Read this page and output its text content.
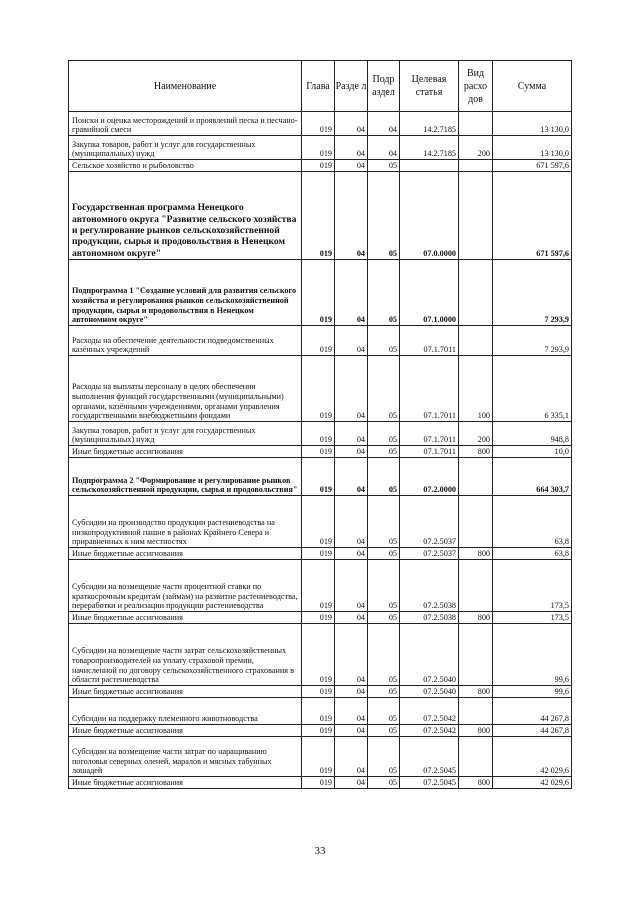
Наименование	Глава	Разде л	Подр аздел	Целевая статья	Вид расхо дов	Сумма
Поиски и оценка месторождений и проявлений песка и песчано-гравийной смеси	019	04	04	14.2.7185		13 130,0
Закупка товаров, работ и услуг для государственных (муниципальных) нужд	019	04	04	14.2.7185	200	13 130,0
Сельское хозяйство и рыболовство	019	04	05			671 597,6
Государственная программа Ненецкого автономного округа "Развитие сельского хозяйства и регулирование рынков сельскохозяйственной продукции, сырья и продовольствия в Ненецком автономном округе"	019	04	05	07.0.0000		671 597,6
Подпрограмма 1 "Создание условий для развития сельского хозяйства и регулирования рынков сельскохозяйственной продукции, сырья и продовольствия в Ненецком автономном округе"	019	04	05	07.1.0000		7 293,9
Расходы на обеспечение деятельности подведомственных казённых учреждений	019	04	05	07.1.7011		7 293,9
Расходы на выплаты персоналу в целях обеспечения выполнения функций государственными (муниципальными) органами, казёнными учреждениями, органами управления государственными внебюджетными фондами	019	04	05	07.1.7011	100	6 335,1
Закупка товаров, работ и услуг для государственных (муниципальных) нужд	019	04	05	07.1.7011	200	948,8
Иные бюджетные ассигнования	019	04	05	07.1.7011	800	10,0
Подпрограмма 2 "Формирование и регулирование рынков сельскохозяйственной продукции, сырья и продовольствия"	019	04	05	07.2.0000		664 303,7
Субсидии на производство продукции растениеводства на низкопродуктивной пашне в районах Крайнего Севера и приравненных к ним местностях	019	04	05	07.2.5037		63,8
Иные бюджетные ассигнования	019	04	05	07.2.5037	800	63,8
Субсидии на возмещение части процентной ставки по краткосрочным кредитам (займам) на развитие растениеводства, переработки и реализации продукции растениеводства	019	04	05	07.2.5038		173,5
Иные бюджетные ассигнования	019	04	05	07.2.5038	800	173,5
Субсидии на возмещение части затрат сельскохозяйственных товаропроизводителей на уплату страховой премии, начисленной по договору сельскохозяйственного страхования в области растениеводства	019	04	05	07.2.5040		99,6
Иные бюджетные ассигнования	019	04	05	07.2.5040	800	99,6
Субсидии на поддержку племенного животноводства	019	04	05	07.2.5042		44 267,8
Иные бюджетные ассигнования	019	04	05	07.2.5042	800	44 267,8
Субсидии на возмещение части затрат по наращиванию поголовья северных оленей, маралов и мясных табунных лошадей	019	04	05	07.2.5045		42 029,6
Иные бюджетные ассигнования	019	04	05	07.2.5045	800	42 029,6
33
